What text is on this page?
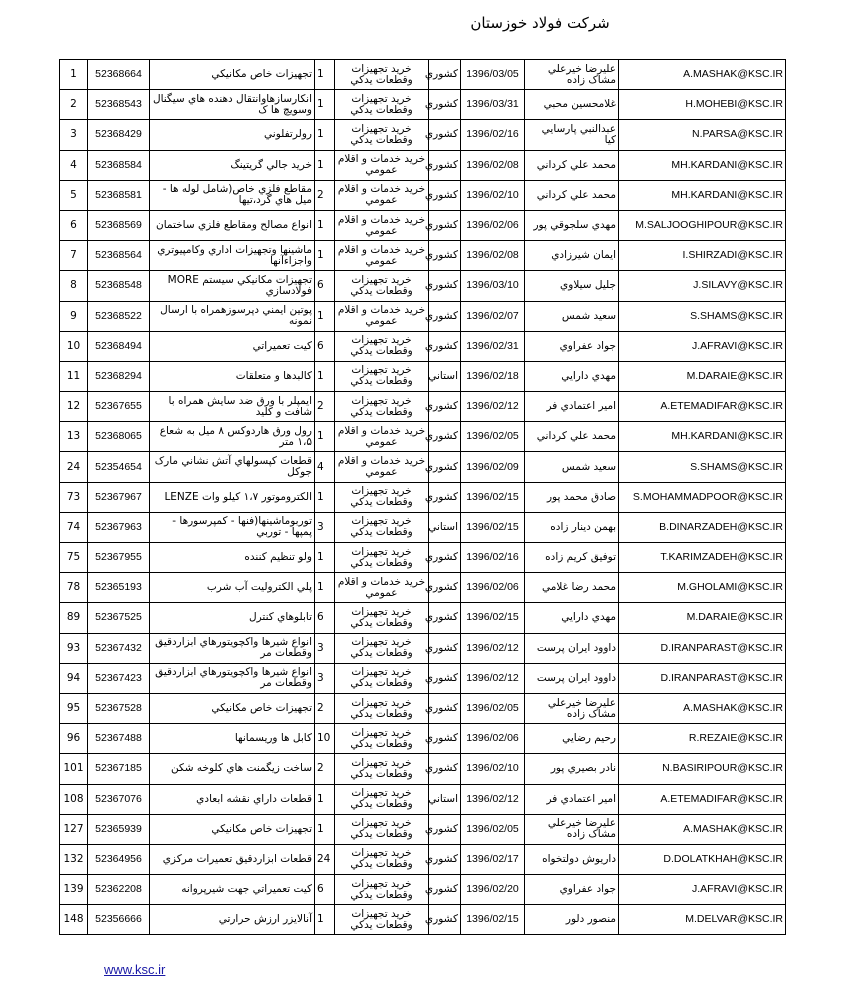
شرکت فولاد خوزستان
1	52368664	تجهيزات خاص مکانيکي	1	خريد تجهيزات وقطعات يدکي	کشوري	1396/03/05	عليرضا خيرعلي مشاک زاده	A.MASHAK@KSC.IR
2	52368543	انکارسازهاوانتقال دهنده هاي سيگنال وسويچ ها ک	1	خريد تجهيزات وقطعات يدکي	کشوري	1396/03/31	غلامحسين محبي	H.MOHEBI@KSC.IR
3	52368429	رولرتفلوني	1	خريد تجهيزات وقطعات يدکي	کشوري	1396/02/16	عبدالنبي پارسايي کيا	N.PARSA@KSC.IR
4	52368584	خريد جالي گريتينگ	1	خريد خدمات و اقلام عمومي	کشوري	1396/02/08	محمد علي کرداني	MH.KARDANI@KSC.IR
5	52368581	مقاطع فلزي خاص(شامل لوله ها - ميل هاي گرد،تيها	2	خريد خدمات و اقلام عمومي	کشوري	1396/02/10	محمد علي کرداني	MH.KARDANI@KSC.IR
6	52368569	انواع مصالح ومقاطع فلزي ساختمان	1	خريد خدمات و اقلام عمومي	کشوري	1396/02/06	مهدي سلجوقي پور	M.SALJOOGHIPOUR@KSC.IR
7	52368564	ماشينها وتجهيزات اداري وکامپيوتري واجزاءآنها	1	خريد خدمات و اقلام عمومي	کشوري	1396/02/08	ايمان شيرزادي	I.SHIRZADI@KSC.IR
8	52368548	تجهيزات مکانيکي سيستم MORE فولادسازي	6	خريد تجهيزات وقطعات يدکي	کشوري	1396/03/10	جليل سيلاوي	J.SILAVY@KSC.IR
9	52368522	پوتين ايمني دپرسوزهمراه با ارسال نمونه	1	خريد خدمات و اقلام عمومي	کشوري	1396/02/07	سعيد شمس	S.SHAMS@KSC.IR
10	52368494	کيت تعميراتي	6	خريد تجهيزات وقطعات يدکي	کشوري	1396/02/31	جواد عفراوي	J.AFRAVI@KSC.IR
11	52368294	کالبدها و متعلقات	1	خريد تجهيزات وقطعات يدکي	استاني	1396/02/18	مهدي دارايي	M.DARAIE@KSC.IR
12	52367655	ايمپلر با ورق ضد سايش همراه با شافت و کليد	2	خريد تجهيزات وقطعات يدکي	کشوري	1396/02/12	امير اعتمادي فر	A.ETEMADIFAR@KSC.IR
13	52368065	رول ورق هاردوکس ۸ ميل به شعاع ۱،۵ متر	1	خريد خدمات و اقلام عمومي	کشوري	1396/02/05	محمد علي کرداني	MH.KARDANI@KSC.IR
24	52354654	قطعات کپسولهاي آتش نشاني مارک جوکل	4	خريد خدمات و اقلام عمومي	کشوري	1396/02/09	سعيد شمس	S.SHAMS@KSC.IR
73	52367967	الکتروموتور ۱،۷ کيلو وات LENZE	1	خريد تجهيزات وقطعات يدکي	کشوري	1396/02/15	صادق محمد پور	S.MOHAMMADPOOR@KSC.IR
74	52367963	توربوماشينها(فنها - کمپرسورها - پمپها - توربي	3	خريد تجهيزات وقطعات يدکي	استاني	1396/02/15	بهمن دينار زاده	B.DINARZADEH@KSC.IR
75	52367955	ولو تنظيم کننده	1	خريد تجهيزات وقطعات يدکي	کشوري	1396/02/16	توفيق کريم زاده	T.KARIMZADEH@KSC.IR
78	52365193	پلي الکتروليت آب شرب	1	خريد خدمات و اقلام عمومي	کشوري	1396/02/06	محمد رضا غلامي	M.GHOLAMI@KSC.IR
89	52367525	تابلوهاي کنترل	6	خريد تجهيزات وقطعات يدکي	کشوري	1396/02/15	مهدي دارايي	M.DARAIE@KSC.IR
93	52367432	انواع شيرها واکچويتورهاي ابزاردقيق وقطعات مر	3	خريد تجهيزات وقطعات يدکي	کشوري	1396/02/12	داوود ايران پرست	D.IRANPARAST@KSC.IR
94	52367423	انواع شيرها واکچويتورهاي ابزاردقيق وقطعات مر	3	خريد تجهيزات وقطعات يدکي	کشوري	1396/02/12	داوود ايران پرست	D.IRANPARAST@KSC.IR
95	52367528	تجهيزات خاص مکانيکي	2	خريد تجهيزات وقطعات يدکي	کشوري	1396/02/05	عليرضا خيرعلي مشاک زاده	A.MASHAK@KSC.IR
96	52367488	کابل ها وريسمانها	10	خريد تجهيزات وقطعات يدکي	کشوري	1396/02/06	رحيم رضايي	R.REZAIE@KSC.IR
101	52367185	ساخت زيگمنت هاي کلوخه شکن	2	خريد تجهيزات وقطعات يدکي	کشوري	1396/02/10	نادر بصيري پور	N.BASIRIPOUR@KSC.IR
108	52367076	قطعات داراي نقشه ابعادي	1	خريد تجهيزات وقطعات يدکي	استاني	1396/02/12	امير اعتمادي فر	A.ETEMADIFAR@KSC.IR
127	52365939	تجهيزات خاص مکانيکي	1	خريد تجهيزات وقطعات يدکي	کشوري	1396/02/05	عليرضا خيرعلي مشاک زاده	A.MASHAK@KSC.IR
132	52364956	قطعات ابزاردقيق تعميرات مرکزي	24	خريد تجهيزات وقطعات يدکي	کشوري	1396/02/17	داريوش دولتخواه	D.DOLATKHAH@KSC.IR
139	52362208	کيت تعميراتي جهت شيرپروانه	6	خريد تجهيزات وقطعات يدکي	کشوري	1396/02/20	جواد عفراوي	J.AFRAVI@KSC.IR
148	52356666	آنالايزر ارزش حرارتي	1	خريد تجهيزات وقطعات يدکي	کشوري	1396/02/15	منصور دلور	M.DELVAR@KSC.IR
www.ksc.ir
